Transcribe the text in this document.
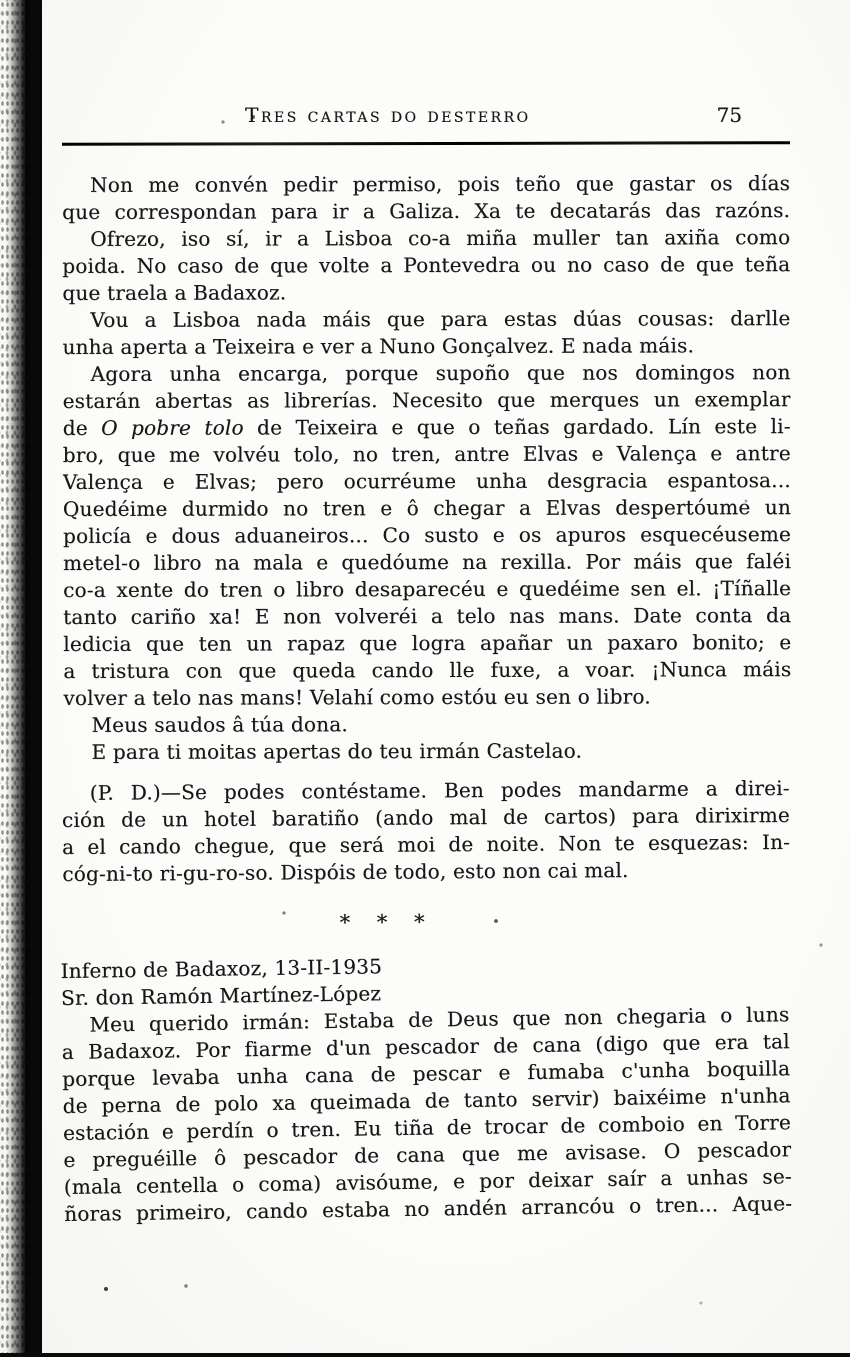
Tres cartas do desterro	75
Non me convén pedir permiso, pois teño que gastar os días
que correspondan para ir a Galiza. Xa te decatarás das razóns.
Ofrezo, iso sí, ir a Lisboa co-a miña muller tan axiña como
poida. No caso de que volte a Pontevedra ou no caso de que teña
que traela a Badaxoz.
Vou a Lisboa nada máis que para estas dúas cousas: darlle
unha aperta a Teixeira e ver a Nuno Gonçalvez. E nada máis.
Agora unha encarga, porque supoño que nos domingos non
estarán abertas as librerías. Necesito que merques un exemplar
de O pobre tolo de Teixeira e que o teñas gardado. Lín este li-
bro, que me volvéu tolo, no tren, antre Elvas e Valença e antre
Valença e Elvas; pero ocurréume unha desgracia espantosa...
Quedéime durmido no tren e ô chegar a Elvas despertóume un
policía e dous aduaneiros... Co susto e os apuros esquecéuseme
metel-o libro na mala e quedóume na rexilla. Por máis que faléi
co-a xente do tren o libro desaparecéu e quedéime sen el. ¡Tíñalle
tanto cariño xa! E non volveréi a telo nas mans. Date conta da
ledicia que ten un rapaz que logra apañar un paxaro bonito; e
a tristura con que queda cando lle fuxe, a voar. ¡Nunca máis
volver a telo nas mans! Velahí como estóu eu sen o libro.
Meus saudos â túa dona.
E para ti moitas apertas do teu irmán Castelao.
(P. D.)—Se podes contéstame. Ben podes mandarme a direi-
ción de un hotel baratiño (ando mal de cartos) para dirixirme
a el cando chegue, que será moi de noite. Non te esquezas: In-
cóg-ni-to ri-gu-ro-so. Dispóis de todo, esto non cai mal.
* * *
Inferno de Badaxoz, 13-II-1935
Sr. don Ramón Martínez-López
Meu querido irmán: Estaba de Deus que non chegaria o luns
a Badaxoz. Por fiarme d'un pescador de cana (digo que era tal
porque levaba unha cana de pescar e fumaba c'unha boquilla
de perna de polo xa queimada de tanto servir) baixéime n'unha
estación e perdín o tren. Eu tiña de trocar de comboio en Torre
e preguéille ô pescador de cana que me avisase. O pescador
(mala centella o coma) avisóume, e por deixar saír a unhas se-
ñoras primeiro, cando estaba no andén arrancóu o tren... Aque-
